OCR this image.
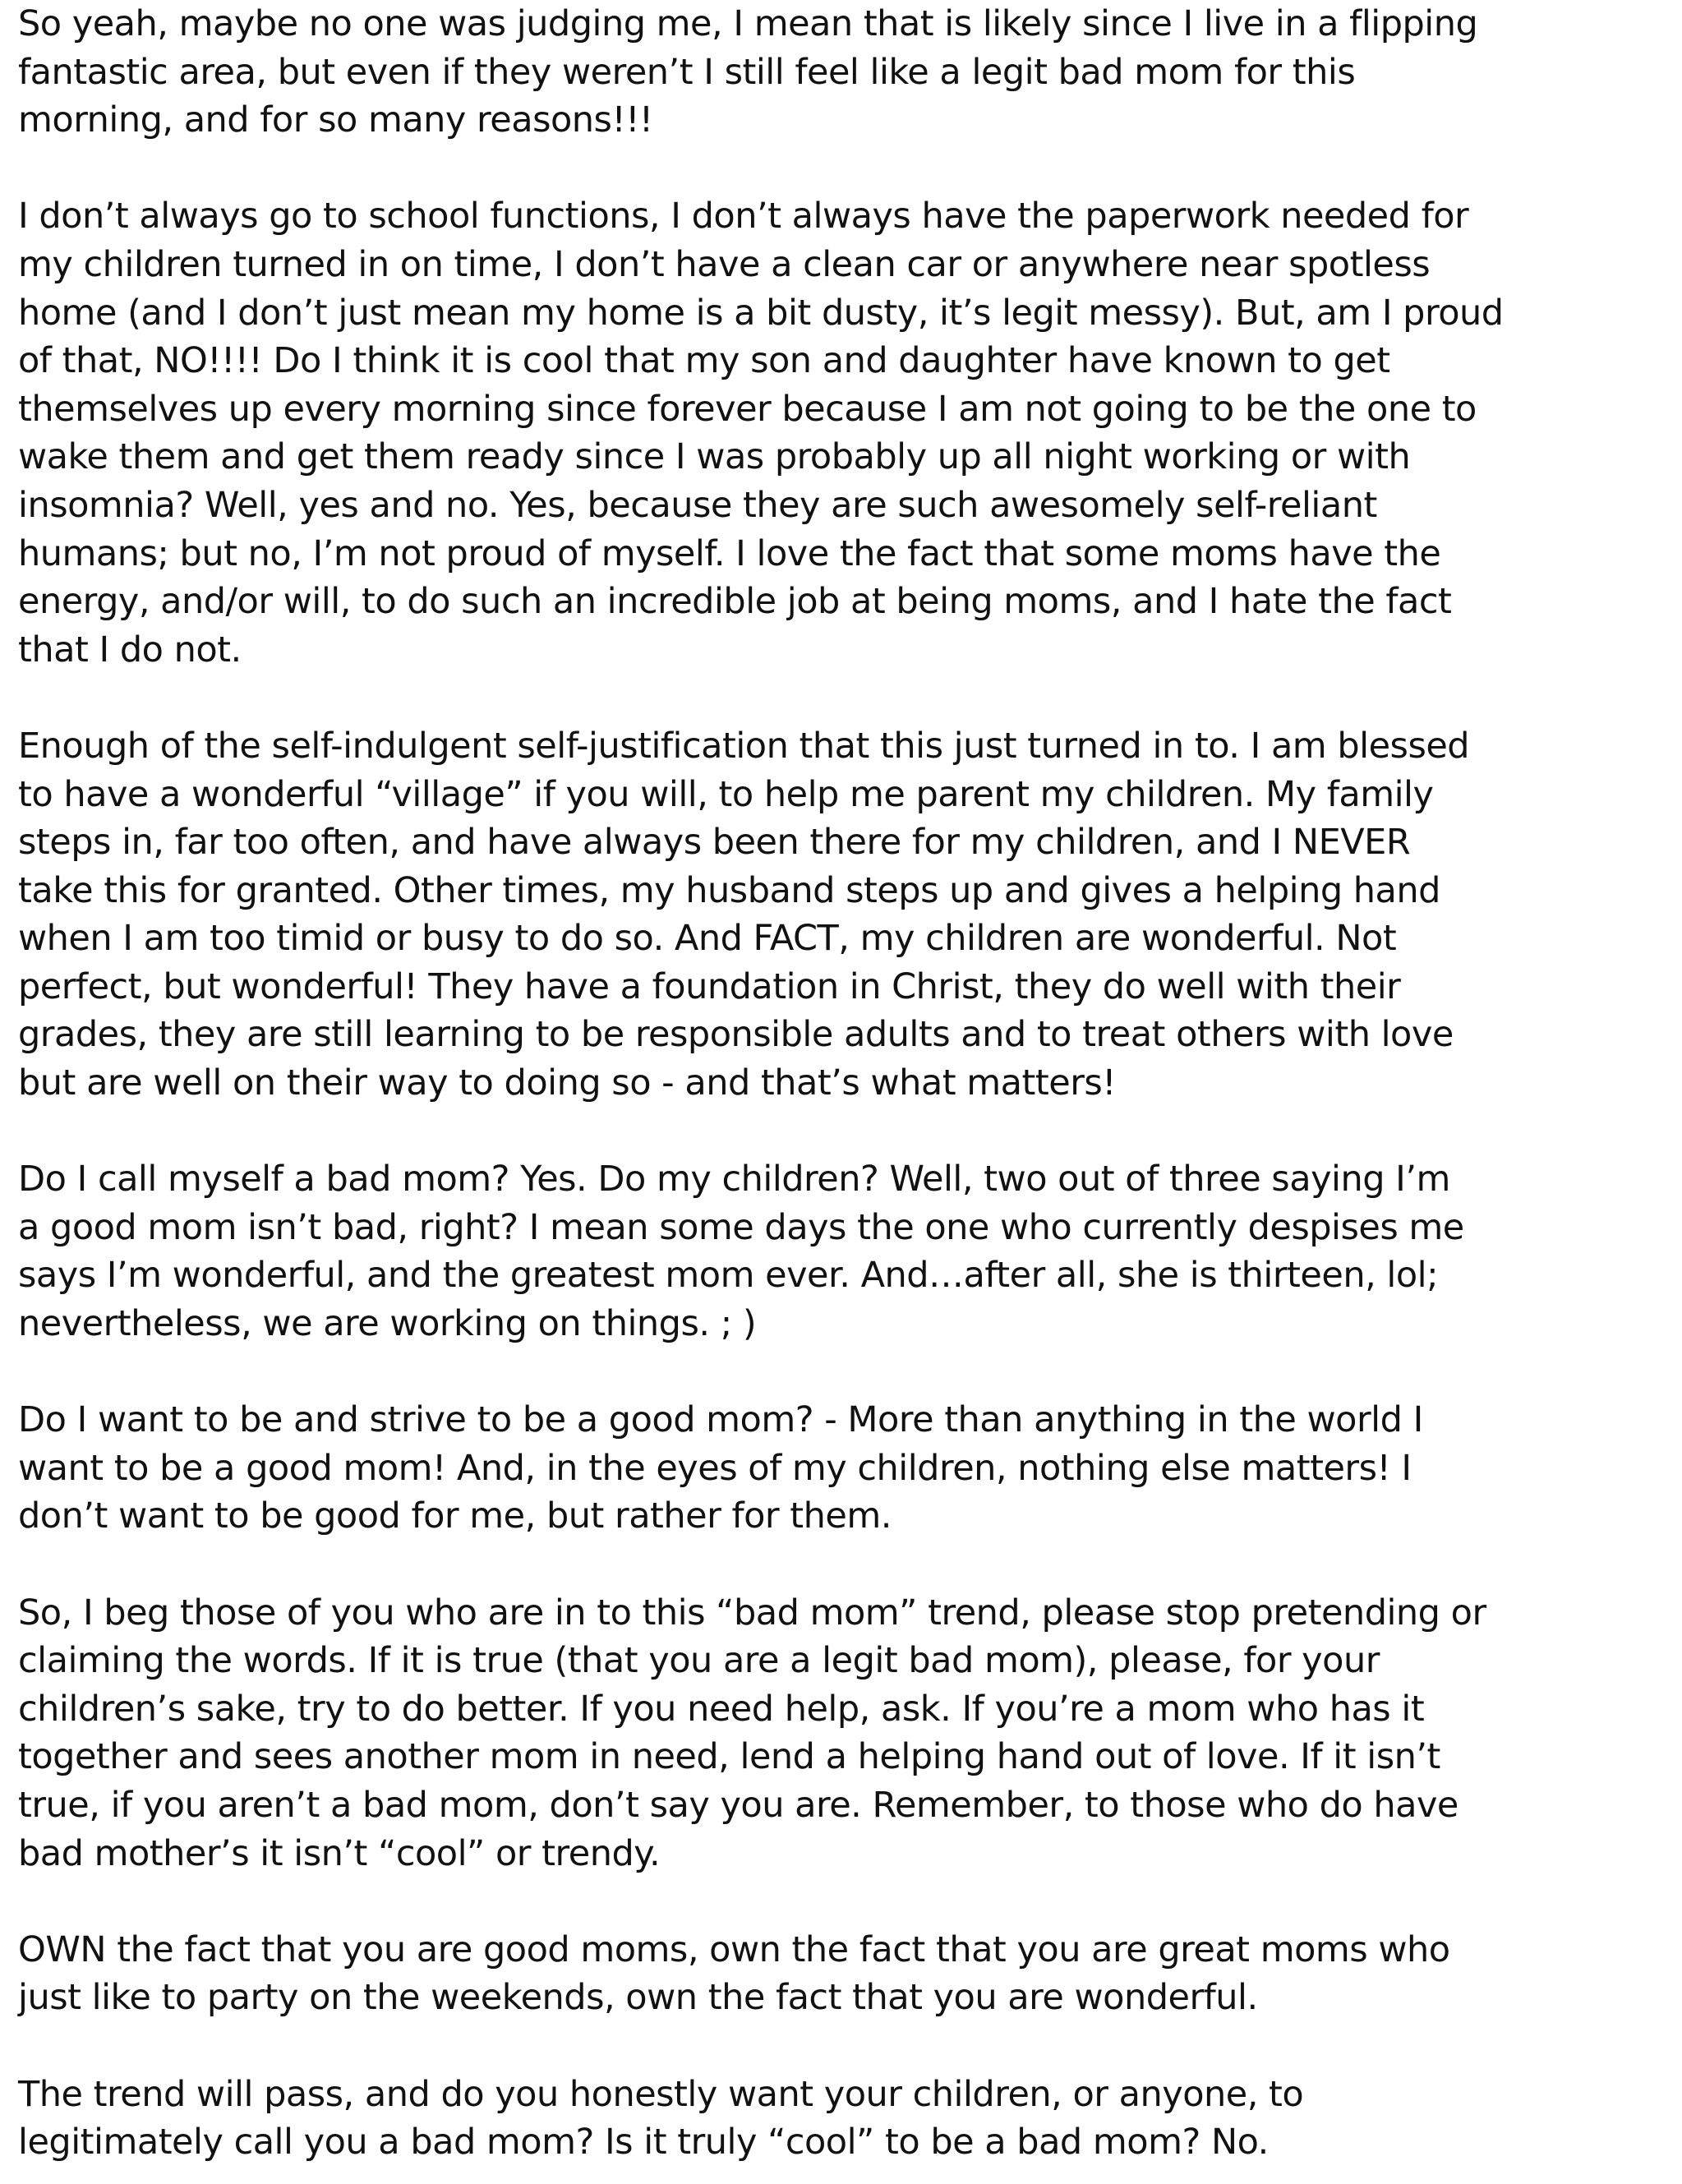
So yeah, maybe no one was judging me, I mean that is likely since I live in a flipping
fantastic area, but even if they weren’t I still feel like a legit bad mom for this
morning, and for so many reasons!!!

I don’t always go to school functions, I don’t always have the paperwork needed for
my children turned in on time, I don’t have a clean car or anywhere near spotless
home (and I don’t just mean my home is a bit dusty, it’s legit messy). But, am I proud
of that, NO!!!! Do I think it is cool that my son and daughter have known to get
themselves up every morning since forever because I am not going to be the one to
wake them and get them ready since I was probably up all night working or with
insomnia? Well, yes and no. Yes, because they are such awesomely self-reliant
humans; but no, I’m not proud of myself. I love the fact that some moms have the
energy, and/or will, to do such an incredible job at being moms, and I hate the fact
that I do not.

Enough of the self-indulgent self-justification that this just turned in to. I am blessed
to have a wonderful “village” if you will, to help me parent my children. My family
steps in, far too often, and have always been there for my children, and I NEVER
take this for granted. Other times, my husband steps up and gives a helping hand
when I am too timid or busy to do so. And FACT, my children are wonderful. Not
perfect, but wonderful! They have a foundation in Christ, they do well with their
grades, they are still learning to be responsible adults and to treat others with love
but are well on their way to doing so - and that’s what matters!

Do I call myself a bad mom? Yes. Do my children? Well, two out of three saying I’m
a good mom isn’t bad, right? I mean some days the one who currently despises me
says I’m wonderful, and the greatest mom ever. And…after all, she is thirteen, lol;
nevertheless, we are working on things. ; )

Do I want to be and strive to be a good mom? - More than anything in the world I
want to be a good mom! And, in the eyes of my children, nothing else matters! I
don’t want to be good for me, but rather for them.

So, I beg those of you who are in to this “bad mom” trend, please stop pretending or
claiming the words. If it is true (that you are a legit bad mom), please, for your
children’s sake, try to do better. If you need help, ask. If you’re a mom who has it
together and sees another mom in need, lend a helping hand out of love. If it isn’t
true, if you aren’t a bad mom, don’t say you are. Remember, to those who do have
bad mother’s it isn’t “cool” or trendy.

OWN the fact that you are good moms, own the fact that you are great moms who
just like to party on the weekends, own the fact that you are wonderful.

The trend will pass, and do you honestly want your children, or anyone, to
legitimately call you a bad mom? Is it truly “cool” to be a bad mom? No.
